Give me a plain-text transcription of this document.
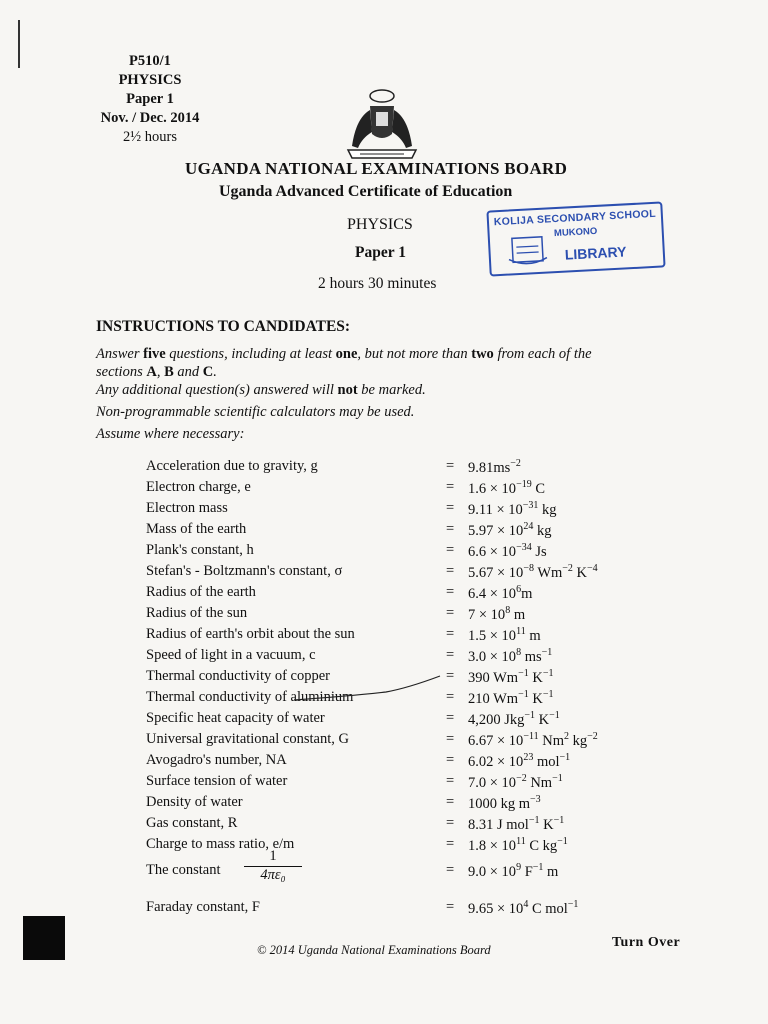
P510/1
PHYSICS
Paper 1
Nov. / Dec. 2014
2½ hours
UGANDA NATIONAL EXAMINATIONS BOARD
Uganda Advanced Certificate of Education
PHYSICS
Paper 1
2 hours 30 minutes
KOLIJA SECONDARY SCHOOL
MUKONO
LIBRARY
INSTRUCTIONS TO CANDIDATES:
Answer five questions, including at least one, but not more than two from each of the
sections A, B and C.
Any additional question(s) answered will not be marked.
Non-programmable scientific calculators may be used.
Assume where necessary:
Acceleration due to gravity, g	= $9.81ms^{-2}$
Electron charge, e	= $1.6 \times 10^{-19}$ C
Electron mass	= $9.11 \times 10^{-31}$ kg
Mass of the earth	= $5.97 \times 10^{24}$ kg
Plank's constant, h	= $6.6 \times 10^{-34}$ Js
Stefan's - Boltzmann's constant, σ	= $5.67 \times 10^{-8}$ $Wm^{-2}$ $K^{-4}$
Radius of the earth	= $6.4 \times 10^6m$
Radius of the sun	= $7 \times 10^8$ m
Radius of earth's orbit about the sun	= $1.5 \times 10^{11}$ m
Speed of light in a vacuum, c	= $3.0 \times 10^8$ $ms^{-1}$
Thermal conductivity of copper	= 390 $Wm^{-1}$ $K^{-1}$
Thermal conductivity of aluminium	= 210 $Wm^{-1}$ $K^{-1}$
Specific heat capacity of water	= 4,200 Jkg$^{-1}$ $K^{-1}$
Universal gravitational constant, G	= $6.67 \times 10^{-11}$ Nm$^2$ $kg^{-2}$
Avogadro's number, NA	= $6.02 \times 10^{23}$ mol$^{-1}$
Surface tension of water	= $7.0 \times 10^{-2}$ $Nm^{-1}$
Density of water	= 1000 kg $m^{-3}$
Gas constant, R	= 8.31 J mol$^{-1}$ $K^{-1}$
Charge to mass ratio, e/m	= $1.8 \times 10^{11}$ C $kg^{-1}$
The constant	= $9.0 \times 10^9$ $F^{-1}$ m
Faraday constant, F	= $9.65 \times 10^4$ C mol$^{-1}$
1
4πε₀
© 2014 Uganda National Examinations Board	Turn Over
